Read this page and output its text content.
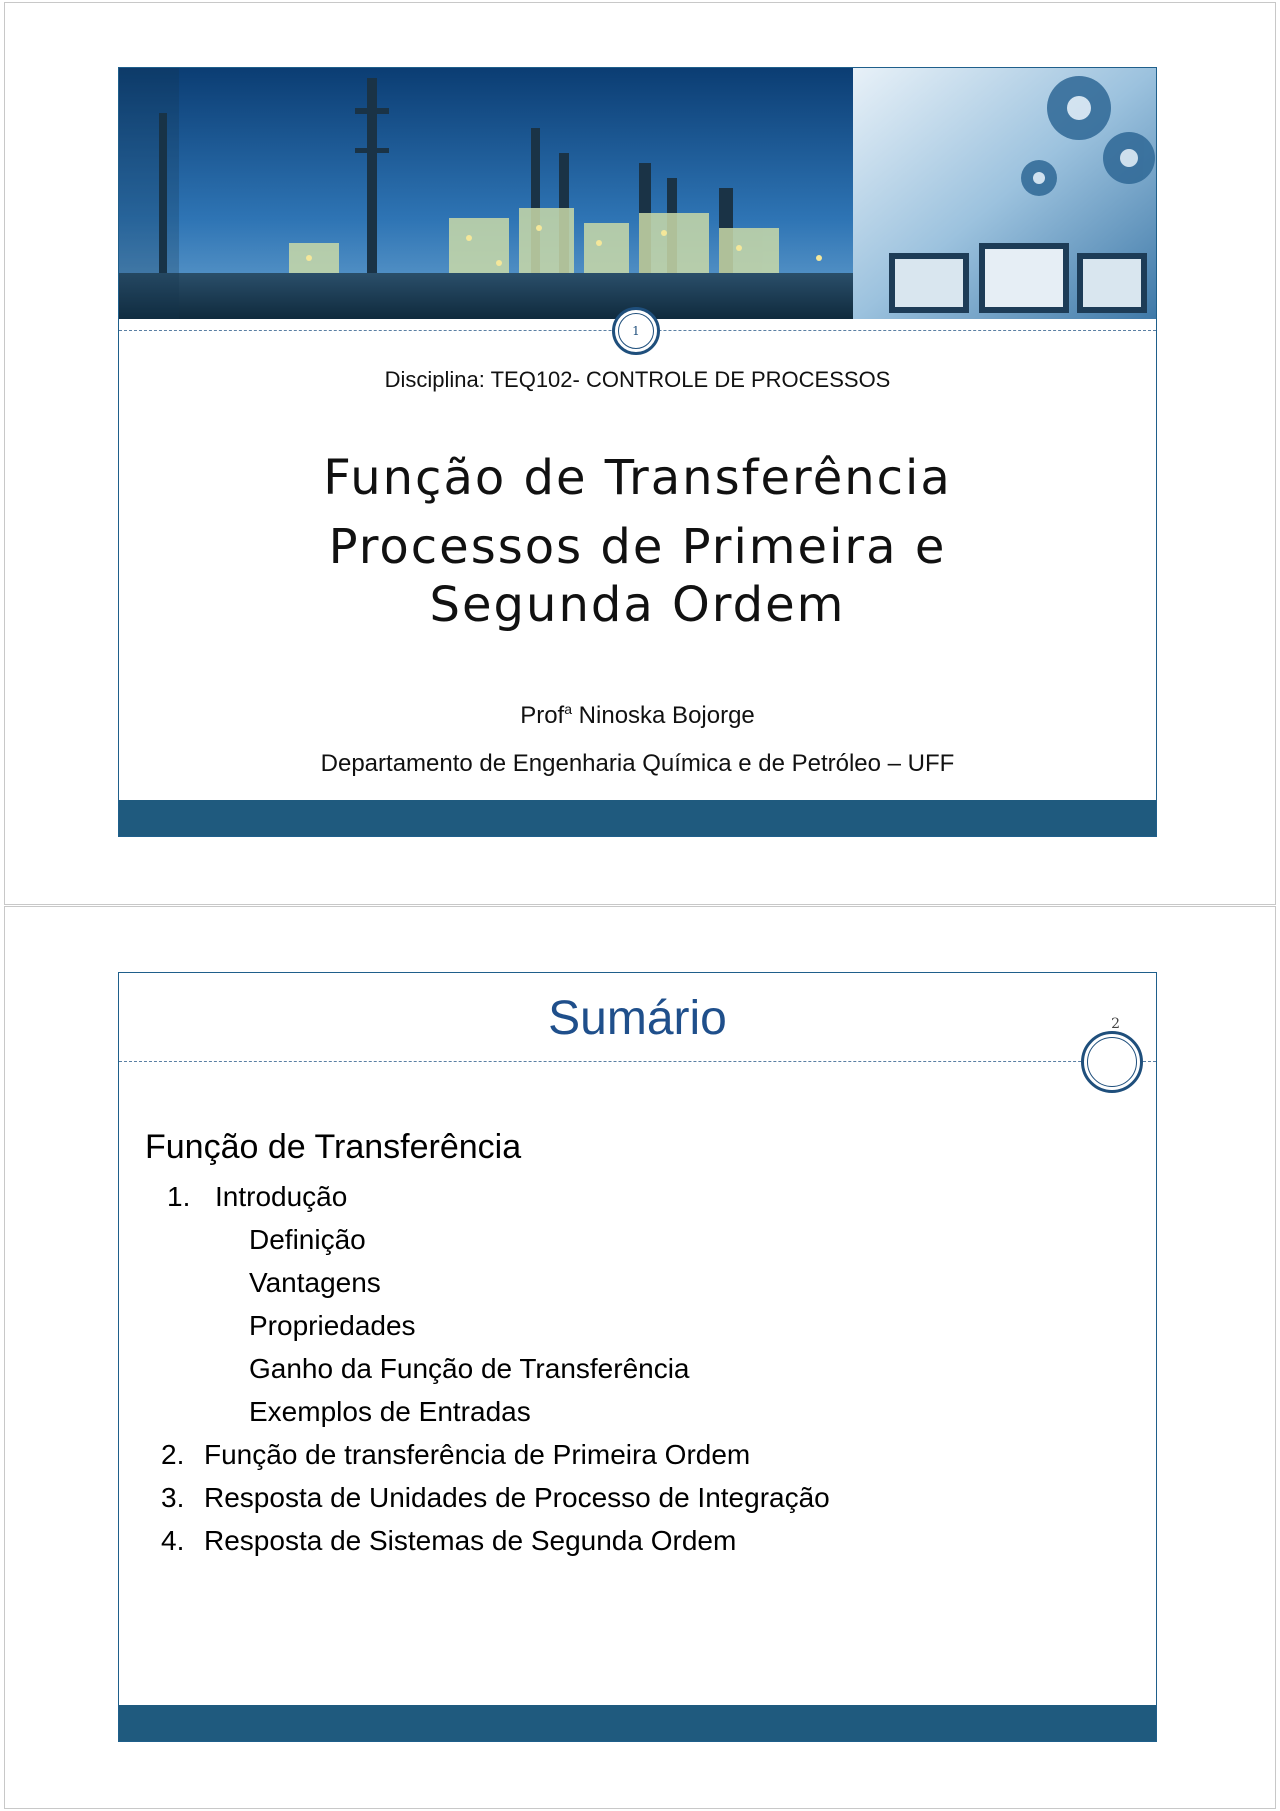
1
Disciplina: TEQ102- CONTROLE DE PROCESSOS
Função de Transferência
Processos de Primeira e
Segunda Ordem
Prof$^a$ Ninoska Bojorge
Departamento de Engenharia Química e de Petróleo – UFF
Sumário	2
Função de Transferência
1. Introdução
Definição
Vantagens
Propriedades
Ganho da Função de Transferência
Exemplos de Entradas
2. Função de transferência de Primeira Ordem
3. Resposta de Unidades de Processo de Integração
4. Resposta de Sistemas de Segunda Ordem
